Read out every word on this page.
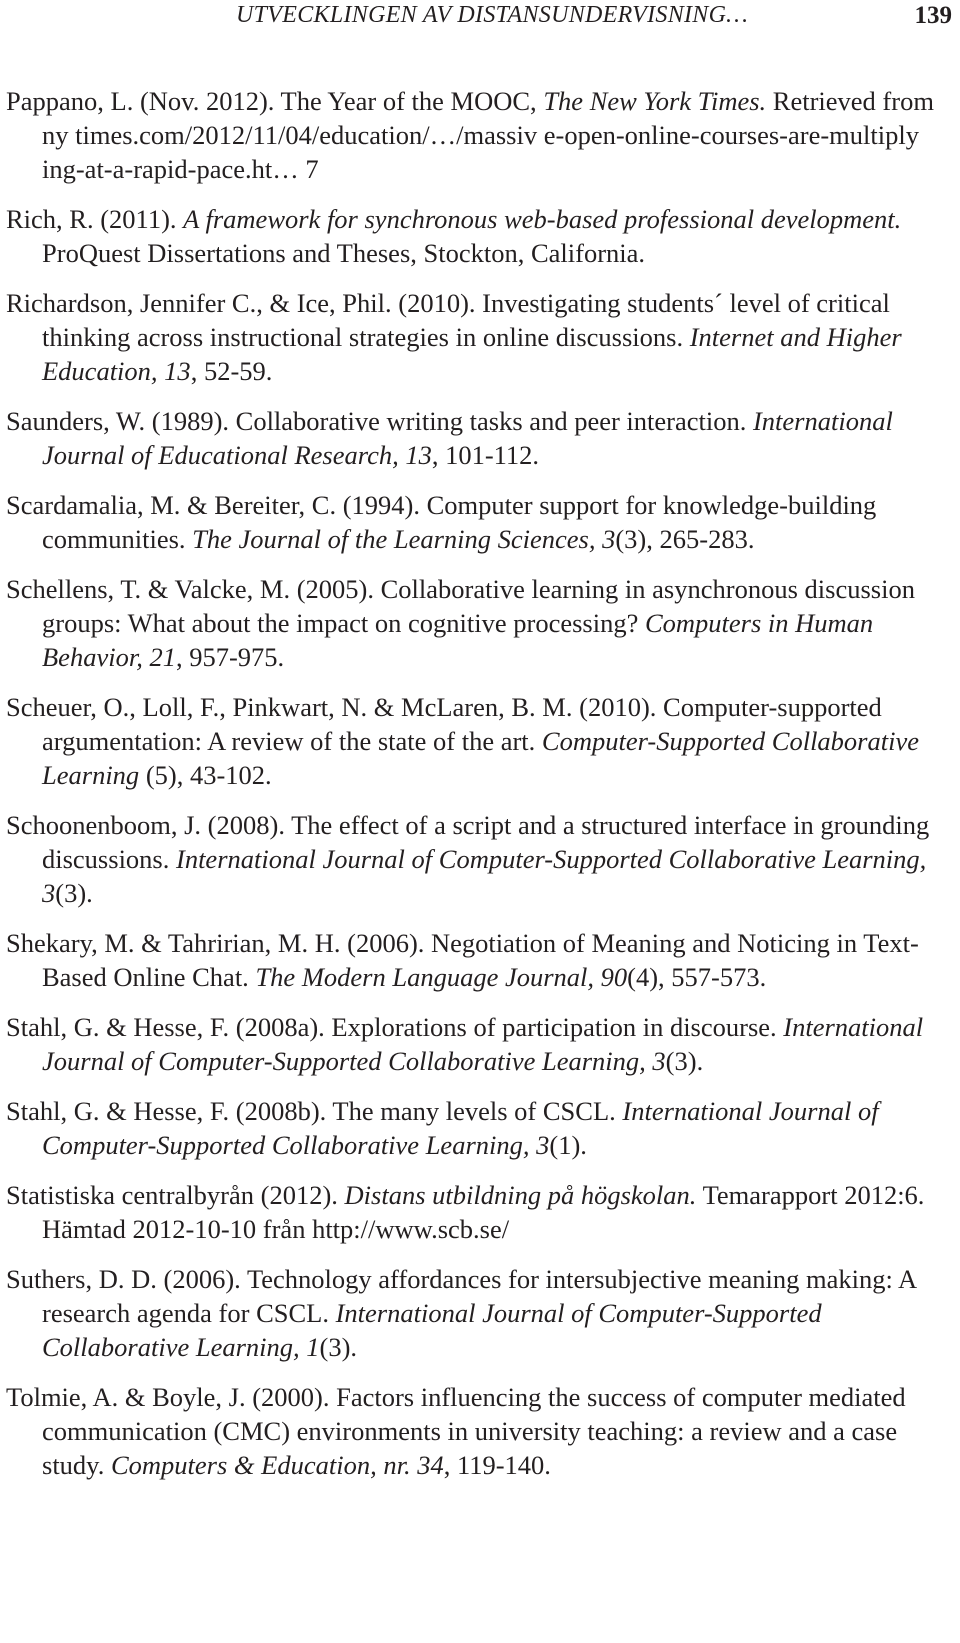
UTVECKLINGEN AV DISTANSUNDERVISNING…	139

Pappano, L. (Nov. 2012). The Year of the MOOC, The New York Times. Retrieved from ny times.com/2012/11/04/education/…/massiv e-open-online-courses-are-multiply ing-at-a-rapid-pace.ht… 7

Rich, R. (2011). A framework for synchronous web-based professional development. ProQuest Dissertations and Theses, Stockton, California.

Richardson, Jennifer C., & Ice, Phil. (2010). Investigating students´ level of critical thinking across instructional strategies in online discussions. Internet and Higher Education, 13, 52-59.

Saunders, W. (1989). Collaborative writing tasks and peer interaction. International Journal of Educational Research, 13, 101-112.

Scardamalia, M. & Bereiter, C. (1994). Computer support for knowledge-building communities. The Journal of the Learning Sciences, 3(3), 265-283.

Schellens, T. & Valcke, M. (2005). Collaborative learning in asynchronous discussion groups: What about the impact on cognitive processing? Computers in Human Behavior, 21, 957-975.

Scheuer, O., Loll, F., Pinkwart, N. & McLaren, B. M. (2010). Computer-supported argumentation: A review of the state of the art. Computer-Supported Collaborative Learning (5), 43-102.

Schoonenboom, J. (2008). The effect of a script and a structured interface in grounding discussions. International Journal of Computer-Supported Collaborative Learning, 3(3).

Shekary, M. & Tahririan, M. H. (2006). Negotiation of Meaning and Noticing in Text-Based Online Chat. The Modern Language Journal, 90(4), 557-573.

Stahl, G. & Hesse, F. (2008a). Explorations of participation in discourse. International Journal of Computer-Supported Collaborative Learning, 3(3).

Stahl, G. & Hesse, F. (2008b). The many levels of CSCL. International Journal of Computer-Supported Collaborative Learning, 3(1).

Statistiska centralbyrån (2012). Distans utbildning på högskolan. Temarapport 2012:6. Hämtad 2012-10-10 från http://www.scb.se/

Suthers, D. D. (2006). Technology affordances for intersubjective meaning making: A research agenda for CSCL. International Journal of Computer-Supported Collaborative Learning, 1(3).

Tolmie, A. & Boyle, J. (2000). Factors influencing the success of computer mediated communication (CMC) environments in university teaching: a review and a case study. Computers & Education, nr. 34, 119-140.
